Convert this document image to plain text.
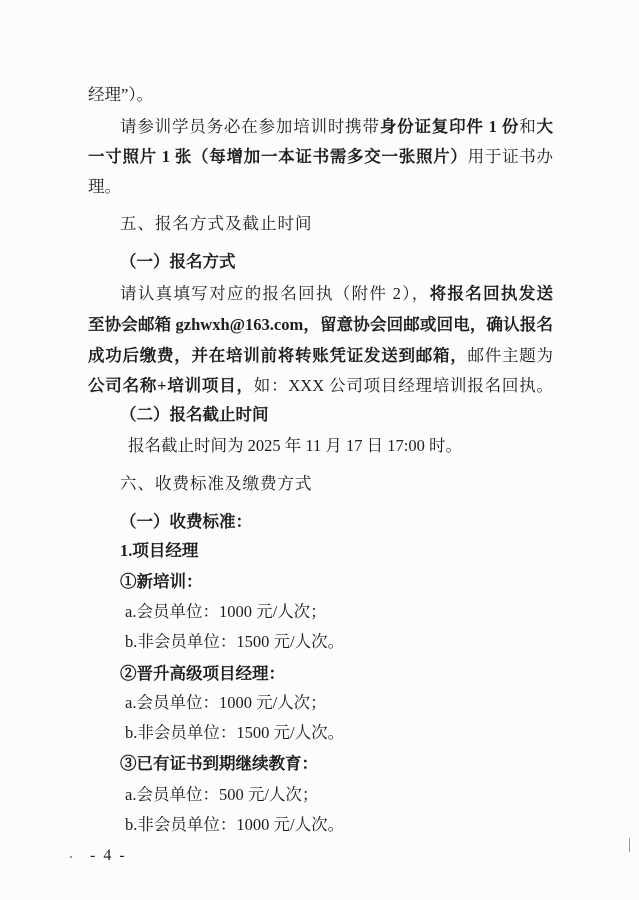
经理”）。
请参训学员务必在参加培训时携带身份证复印件 1 份和大
一寸照片 1 张（每增加一本证书需多交一张照片）用于证书办
理。
五、报名方式及截止时间
（一）报名方式
请认真填写对应的报名回执（附件 2），将报名回执发送
至协会邮箱 gzhwxh@163.com，留意协会回邮或回电，确认报名
成功后缴费，并在培训前将转账凭证发送到邮箱，邮件主题为
公司名称+培训项目，如：XXX 公司项目经理培训报名回执。
（二）报名截止时间
报名截止时间为 2025 年 11 月 17 日 17:00 时。
六、收费标准及缴费方式
（一）收费标准：
1.项目经理
①新培训：
a.会员单位：1000 元/人次；
b.非会员单位：1500 元/人次。
②晋升高级项目经理：
a.会员单位：1000 元/人次；
b.非会员单位：1500 元/人次。
③已有证书到期继续教育：
a.会员单位：500 元/人次；
b.非会员单位：1000 元/人次。
- 4 -
